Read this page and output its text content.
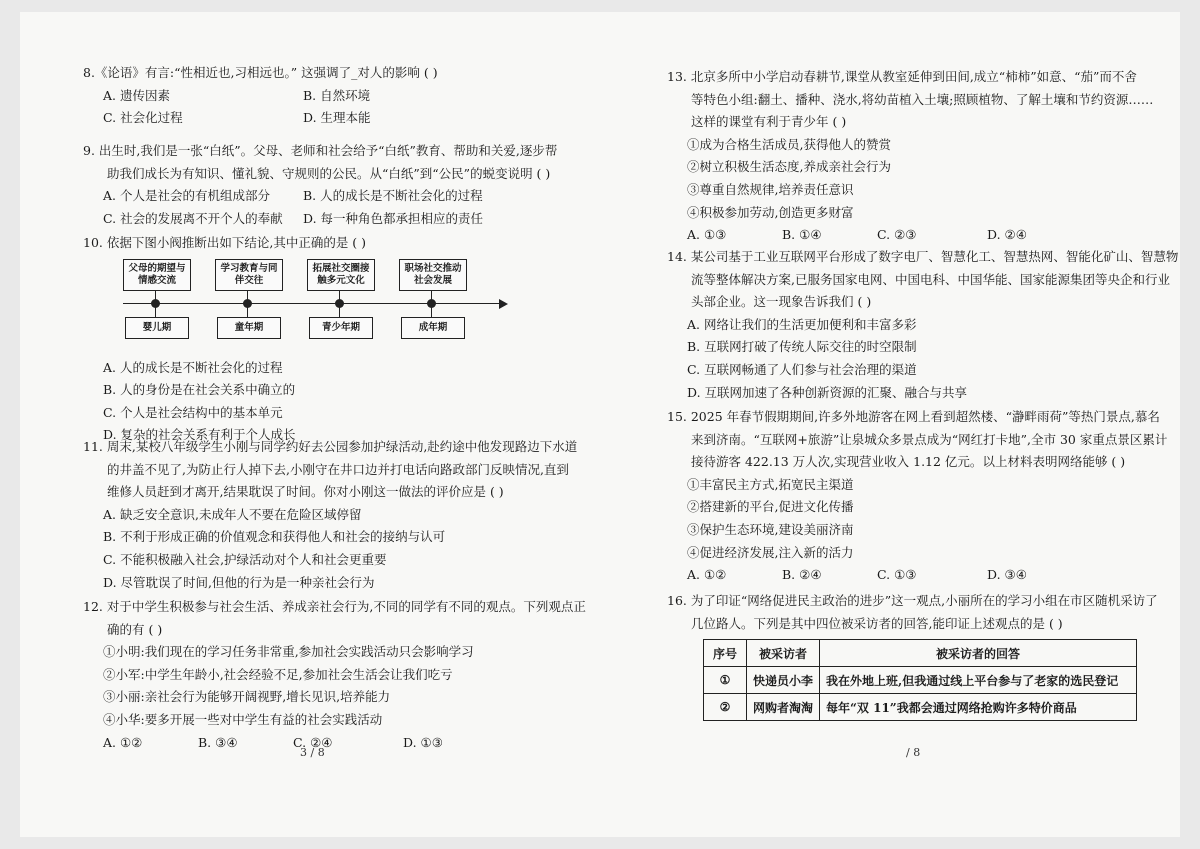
8.《论语》有言:“性相近也,习相远也。” 这强调了_对人的影响 ( )
A. 遗传因素	B. 自然环境
C. 社会化过程	D. 生理本能
9. 出生时,我们是一张“白纸”。父母、老师和社会给予“白纸”教育、帮助和关爱,逐步帮
助我们成长为有知识、懂礼貌、守规则的公民。从“白纸”到“公民”的蜕变说明 ( )
A. 个人是社会的有机组成部分	B. 人的成长是不断社会化的过程
C. 社会的发展离不开个人的奉献	D. 每一种角色都承担相应的责任
10. 依据下图小阀推断出如下结论,其中正确的是 ( )
父母的期望与情感交流
学习教育与同伴交往
拓展社交圈接触多元文化
职场社交推动社会发展
婴儿期	童年期	青少年期	成年期
A. 人的成长是不断社会化的过程
B. 人的身份是在社会关系中确立的
C. 个人是社会结构中的基本单元
D. 复杂的社会关系有利于个人成长
11. 周末,某校八年级学生小刚与同学约好去公园参加护绿活动,赴约途中他发现路边下水道
的井盖不见了,为防止行人掉下去,小刚守在井口边并打电话向路政部门反映情况,直到
维修人员赶到才离开,结果耽误了时间。你对小刚这一做法的评价应是 ( )
A. 缺乏安全意识,未成年人不要在危险区域停留
B. 不利于形成正确的价值观念和获得他人和社会的接纳与认可
C. 不能积极融入社会,护绿活动对个人和社会更重要
D. 尽管耽误了时间,但他的行为是一种亲社会行为
12. 对于中学生积极参与社会生活、养成亲社会行为,不同的同学有不同的观点。下列观点正
确的有 ( )
①小明:我们现在的学习任务非常重,参加社会实践活动只会影响学习
②小军:中学生年龄小,社会经验不足,参加社会生活会让我们吃亏
③小丽:亲社会行为能够开阔视野,增长见识,培养能力
④小华:要多开展一些对中学生有益的社会实践活动
A. ①②	B. ③④	C. ②④	D. ①③
3 / 8
13. 北京多所中小学启动春耕节,课堂从教室延伸到田间,成立“柿柿”如意、“茄”而不舍
等特色小组:翻土、播种、浇水,将幼苗植入土壤;照顾植物、了解土壤和节约资源……
这样的课堂有利于青少年 ( )
①成为合格生活成员,获得他人的赞赏
②树立积极生活态度,养成亲社会行为
③尊重自然规律,培养责任意识
④积极参加劳动,创造更多财富
A. ①③	B. ①④	C. ②③	D. ②④
14. 某公司基于工业互联网平台形成了数字电厂、智慧化工、智慧热网、智能化矿山、智慧物
流等整体解决方案,已服务国家电网、中国电科、中国华能、国家能源集团等央企和行业
头部企业。这一现象告诉我们 ( )
A. 网络让我们的生活更加便利和丰富多彩
B. 互联网打破了传统人际交往的时空限制
C. 互联网畅通了人们参与社会治理的渠道
D. 互联网加速了各种创新资源的汇聚、融合与共享
15. 2025 年春节假期期间,许多外地游客在网上看到超然楼、“瀞畔雨荷”等热门景点,慕名
来到济南。“互联网+旅游”让泉城众多景点成为“网红打卡地”,全市 30 家重点景区累计
接待游客 422.13 万人次,实现营业收入 1.12 亿元。以上材料表明网络能够 ( )
①丰富民主方式,拓宽民主渠道
②搭建新的平台,促进文化传播
③保护生态环境,建设美丽济南
④促进经济发展,注入新的活力
A. ①②	B. ②④	C. ①③	D. ③④
16. 为了印证“网络促进民主政治的进步”这一观点,小丽所在的学习小组在市区随机采访了
几位路人。下列是其中四位被采访者的回答,能印证上述观点的是 ( )
序号	被采访者	被采访者的回答
①	快递员小李	我在外地上班,但我通过线上平台参与了老家的选民登记
②	网购者淘淘	每年“双 11”我都会通过网络抢购许多特价商品
/ 8
